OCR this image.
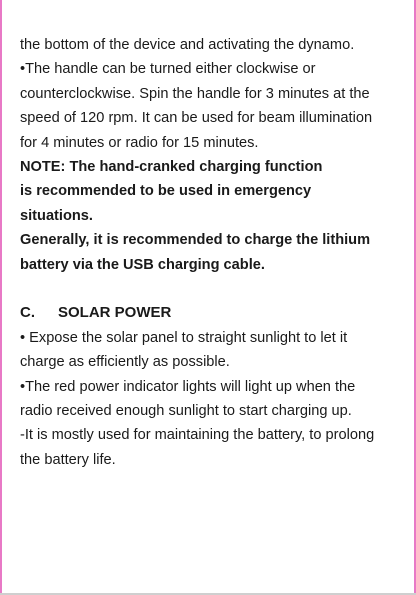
the bottom of the device and activating the dynamo.

•The handle can be turned either clockwise or

counterclockwise. Spin the handle for 3 minutes at the

speed of 120 rpm. It can be used for beam illumination

for 4 minutes or radio for 15 minutes.

NOTE: The hand-cranked charging function

is recommended to be used in emergency

situations.

Generally, it is recommended to charge the lithium

battery via the USB charging cable.

C. SOLAR POWER

• Expose the solar panel to straight sunlight to let it

charge as efficiently as possible.

•The red power indicator lights will light up when the

radio received enough sunlight to start charging up.

-It is mostly used for maintaining the battery, to prolong

the battery life.
